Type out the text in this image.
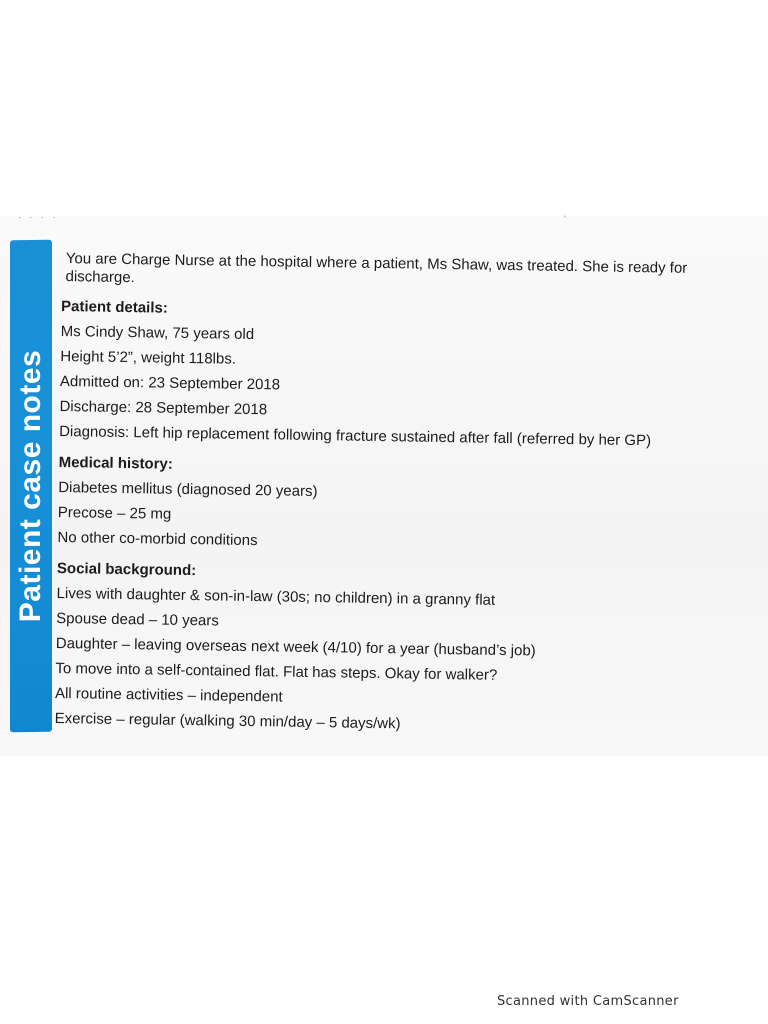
· · · ·	'
Patient case notes

You are Charge Nurse at the hospital where a patient, Ms Shaw, was treated. She is ready for discharge.

Patient details:

Ms Cindy Shaw, 75 years old

Height 5’2”, weight 118lbs.

Admitted on: 23 September 2018

Discharge: 28 September 2018

Diagnosis: Left hip replacement following fracture sustained after fall (referred by her GP)

Medical history:

Diabetes mellitus (diagnosed 20 years)

Precose – 25 mg

No other co-morbid conditions

Social background:

Lives with daughter & son-in-law (30s; no children) in a granny flat

Spouse dead – 10 years

Daughter – leaving overseas next week (4/10) for a year (husband’s job)

To move into a self-contained flat. Flat has steps. Okay for walker?

All routine activities – independent

Exercise – regular (walking 30 min/day – 5 days/wk)

Scanned with CamScanner
